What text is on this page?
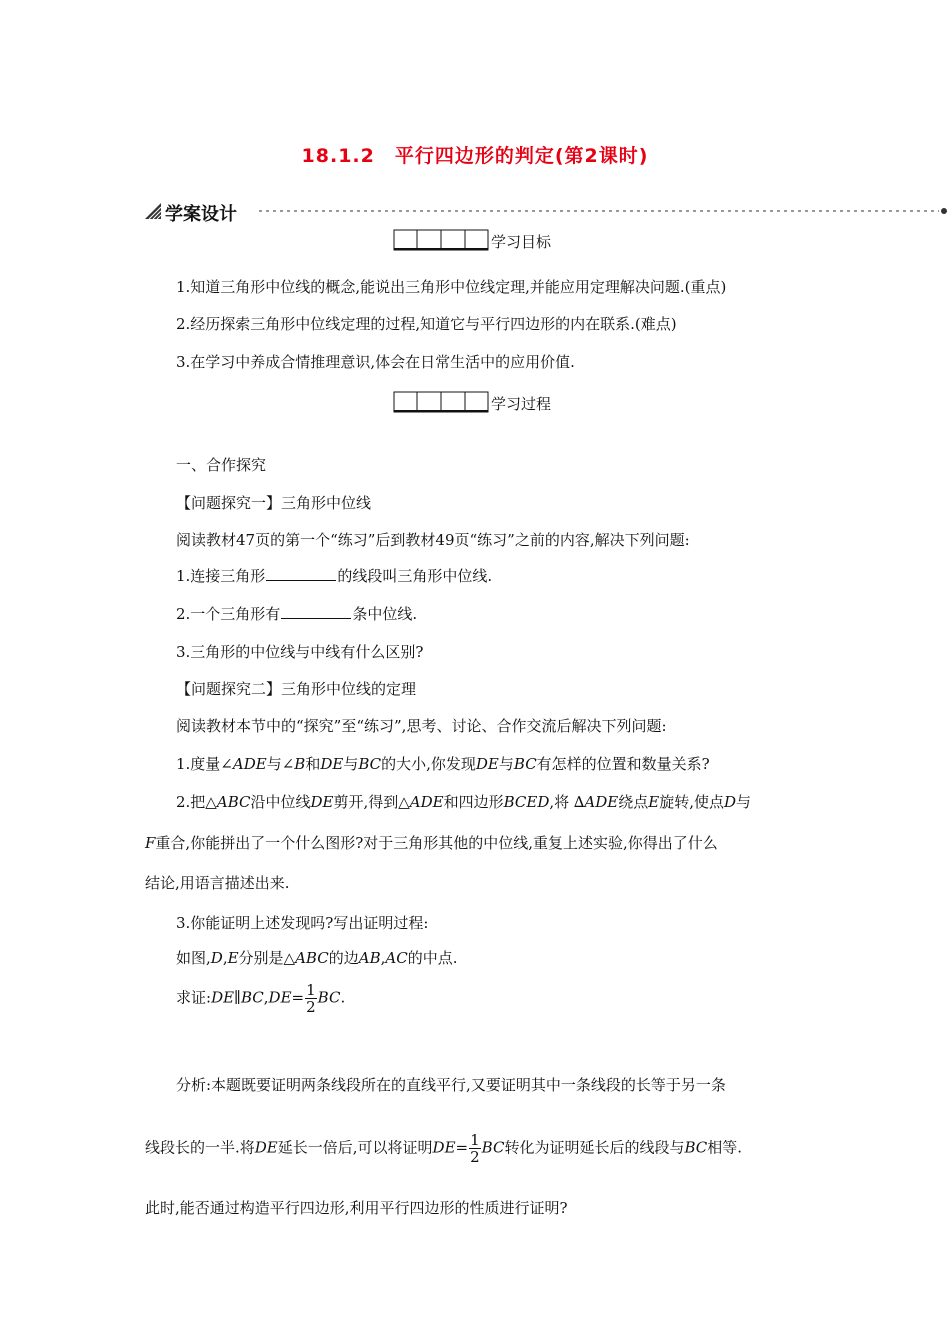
18.1.2　平行四边形的判定(第2课时)
学案设计
学习目标
1.知道三角形中位线的概念,能说出三角形中位线定理,并能应用定理解决问题.(重点)
2.经历探索三角形中位线定理的过程,知道它与平行四边形的内在联系.(难点)
3.在学习中养成合情推理意识,体会在日常生活中的应用价值.
学习过程
一、合作探究
【问题探究一】三角形中位线
阅读教材47页的第一个“练习”后到教材49页“练习”之前的内容,解决下列问题:
1.连接三角形	的线段叫三角形中位线.
2.一个三角形有	条中位线.
3.三角形的中位线与中线有什么区别?
【问题探究二】三角形中位线的定理
阅读教材本节中的“探究”至“练习”,思考、讨论、合作交流后解决下列问题:
1.度量∠ADE与∠B和DE与BC的大小,你发现DE与BC有怎样的位置和数量关系?
2.把△ABC沿中位线DE剪开,得到△ADE和四边形BCED,将 ∆ADE绕点E旋转,使点D与
F重合,你能拼出了一个什么图形?对于三角形其他的中位线,重复上述实验,你得出了什么
结论,用语言描述出来.
3.你能证明上述发现吗?写出证明过程:
如图,D,E分别是△ABC的边AB,AC的中点.
求证:DE∥BC,DE= $\frac{1}{2}$ BC.
分析:本题既要证明两条线段所在的直线平行,又要证明其中一条线段的长等于另一条
线段长的一半.将DE延长一倍后,可以将证明$DE= \frac{1}{2}$ BC转化为证明延长后的线段与BC相等.
此时,能否通过构造平行四边形,利用平行四边形的性质进行证明?
